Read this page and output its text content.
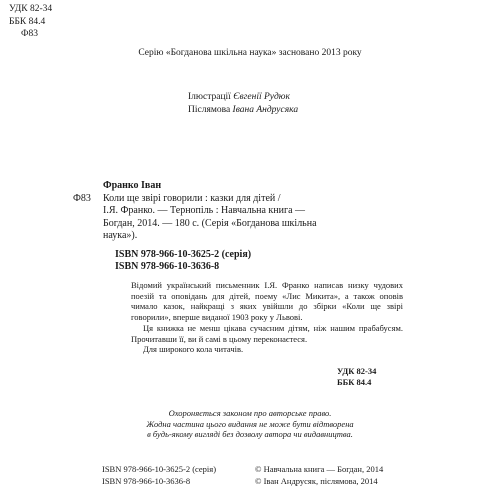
УДК 82-34
ББК 84.4
Ф83
Серію «Богданова шкільна наука» засновано 2013 року
Ілюстрації Євгенії Рудюк
Післямова Івана Андрусяка
Ф83
Франко Іван
Коли ще звірі говорили : казки для дітей /
І.Я. Франко. — Тернопіль : Навчальна книга —
Богдан, 2014. — 180 с. (Серія «Богданова шкільна
наука»).
ISBN 978-966-10-3625-2 (серія)
ISBN 978-966-10-3636-8

Відомий український письменник І.Я. Франко написав низку чудових поезій та оповідань для дітей, поему «Лис Микита», а також оповів чимало казок, найкращі з яких увійшли до збірки «Коли ще звірі говорили», вперше виданої 1903 року у Львові.

Ця книжка не менш цікава сучасним дітям, ніж нашим прабабусям. Прочитавши її, ви й самі в цьому переконаєтеся.

Для широкого кола читачів.

УДК 82-34
ББК 84.4
Охороняється законом про авторське право.
Жодна частина цього видання не може бути відтворена
в будь-якому вигляді без дозволу автора чи видавництва.
ISBN 978-966-10-3625-2 (серія)
ISBN 978-966-10-3636-8
© Навчальна книга — Богдан, 2014
© Іван Андрусяк, післямова, 2014
